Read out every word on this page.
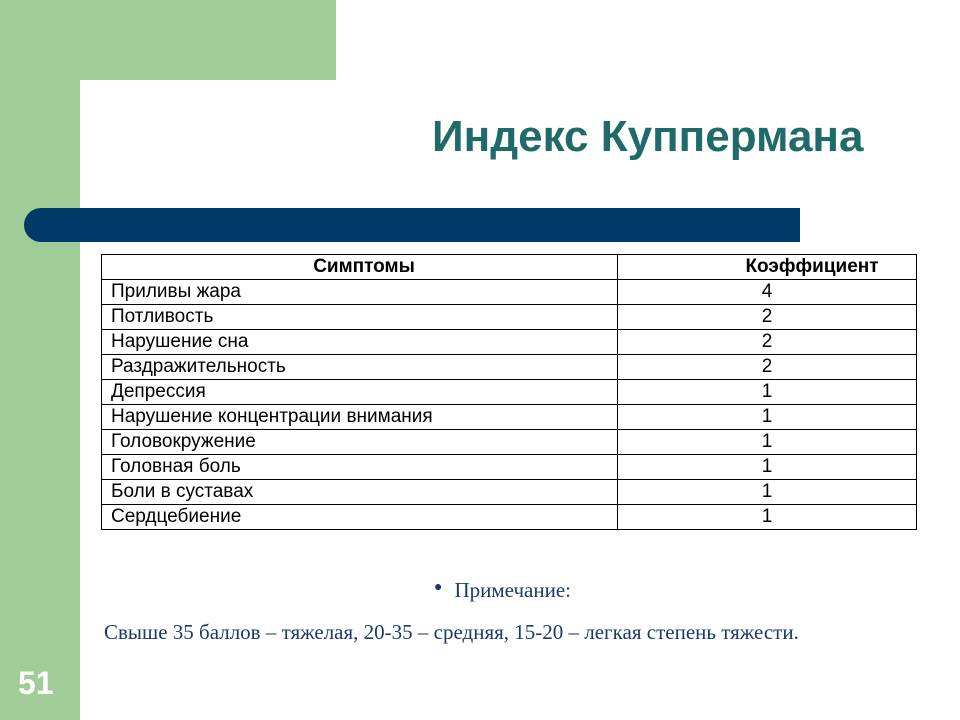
Индекс Куппермана
Симптомы	Коэффициент
Приливы жара	4
Потливость	2
Нарушение сна	2
Раздражительность	2
Депрессия	1
Нарушение концентрации внимания	1
Головокружение	1
Головная боль	1
Боли в суставах	1
Сердцебиение	1
● Примечание:
Свыше 35 баллов – тяжелая, 20-35 – средняя, 15-20 – легкая степень тяжести.
51
